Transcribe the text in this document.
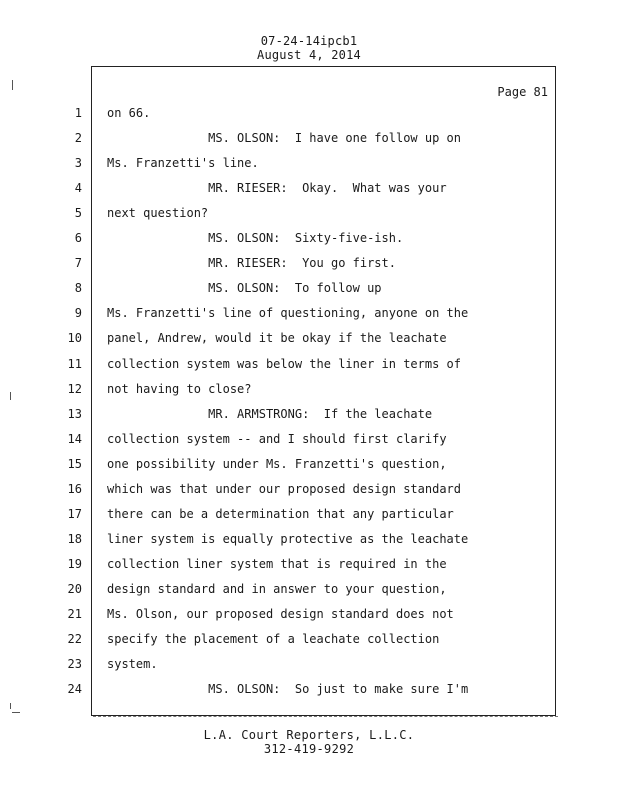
07-24-14ipcb1
August 4, 2014
Page 81
1 on 66.
2 MS. OLSON:  I have one follow up on
3 Ms. Franzetti's line.
4 MR. RIESER:  Okay.  What was your
5 next question?
6 MS. OLSON:  Sixty-five-ish.
7 MR. RIESER:  You go first.
8 MS. OLSON:  To follow up
9 Ms. Franzetti's line of questioning, anyone on the
10 panel, Andrew, would it be okay if the leachate
11 collection system was below the liner in terms of
12 not having to close?
13 MR. ARMSTRONG:  If the leachate
14 collection system -- and I should first clarify
15 one possibility under Ms. Franzetti's question,
16 which was that under our proposed design standard
17 there can be a determination that any particular
18 liner system is equally protective as the leachate
19 collection liner system that is required in the
20 design standard and in answer to your question,
21 Ms. Olson, our proposed design standard does not
22 specify the placement of a leachate collection
23 system.
24 MS. OLSON:  So just to make sure I'm
L.A. Court Reporters, L.L.C.
312-419-9292
